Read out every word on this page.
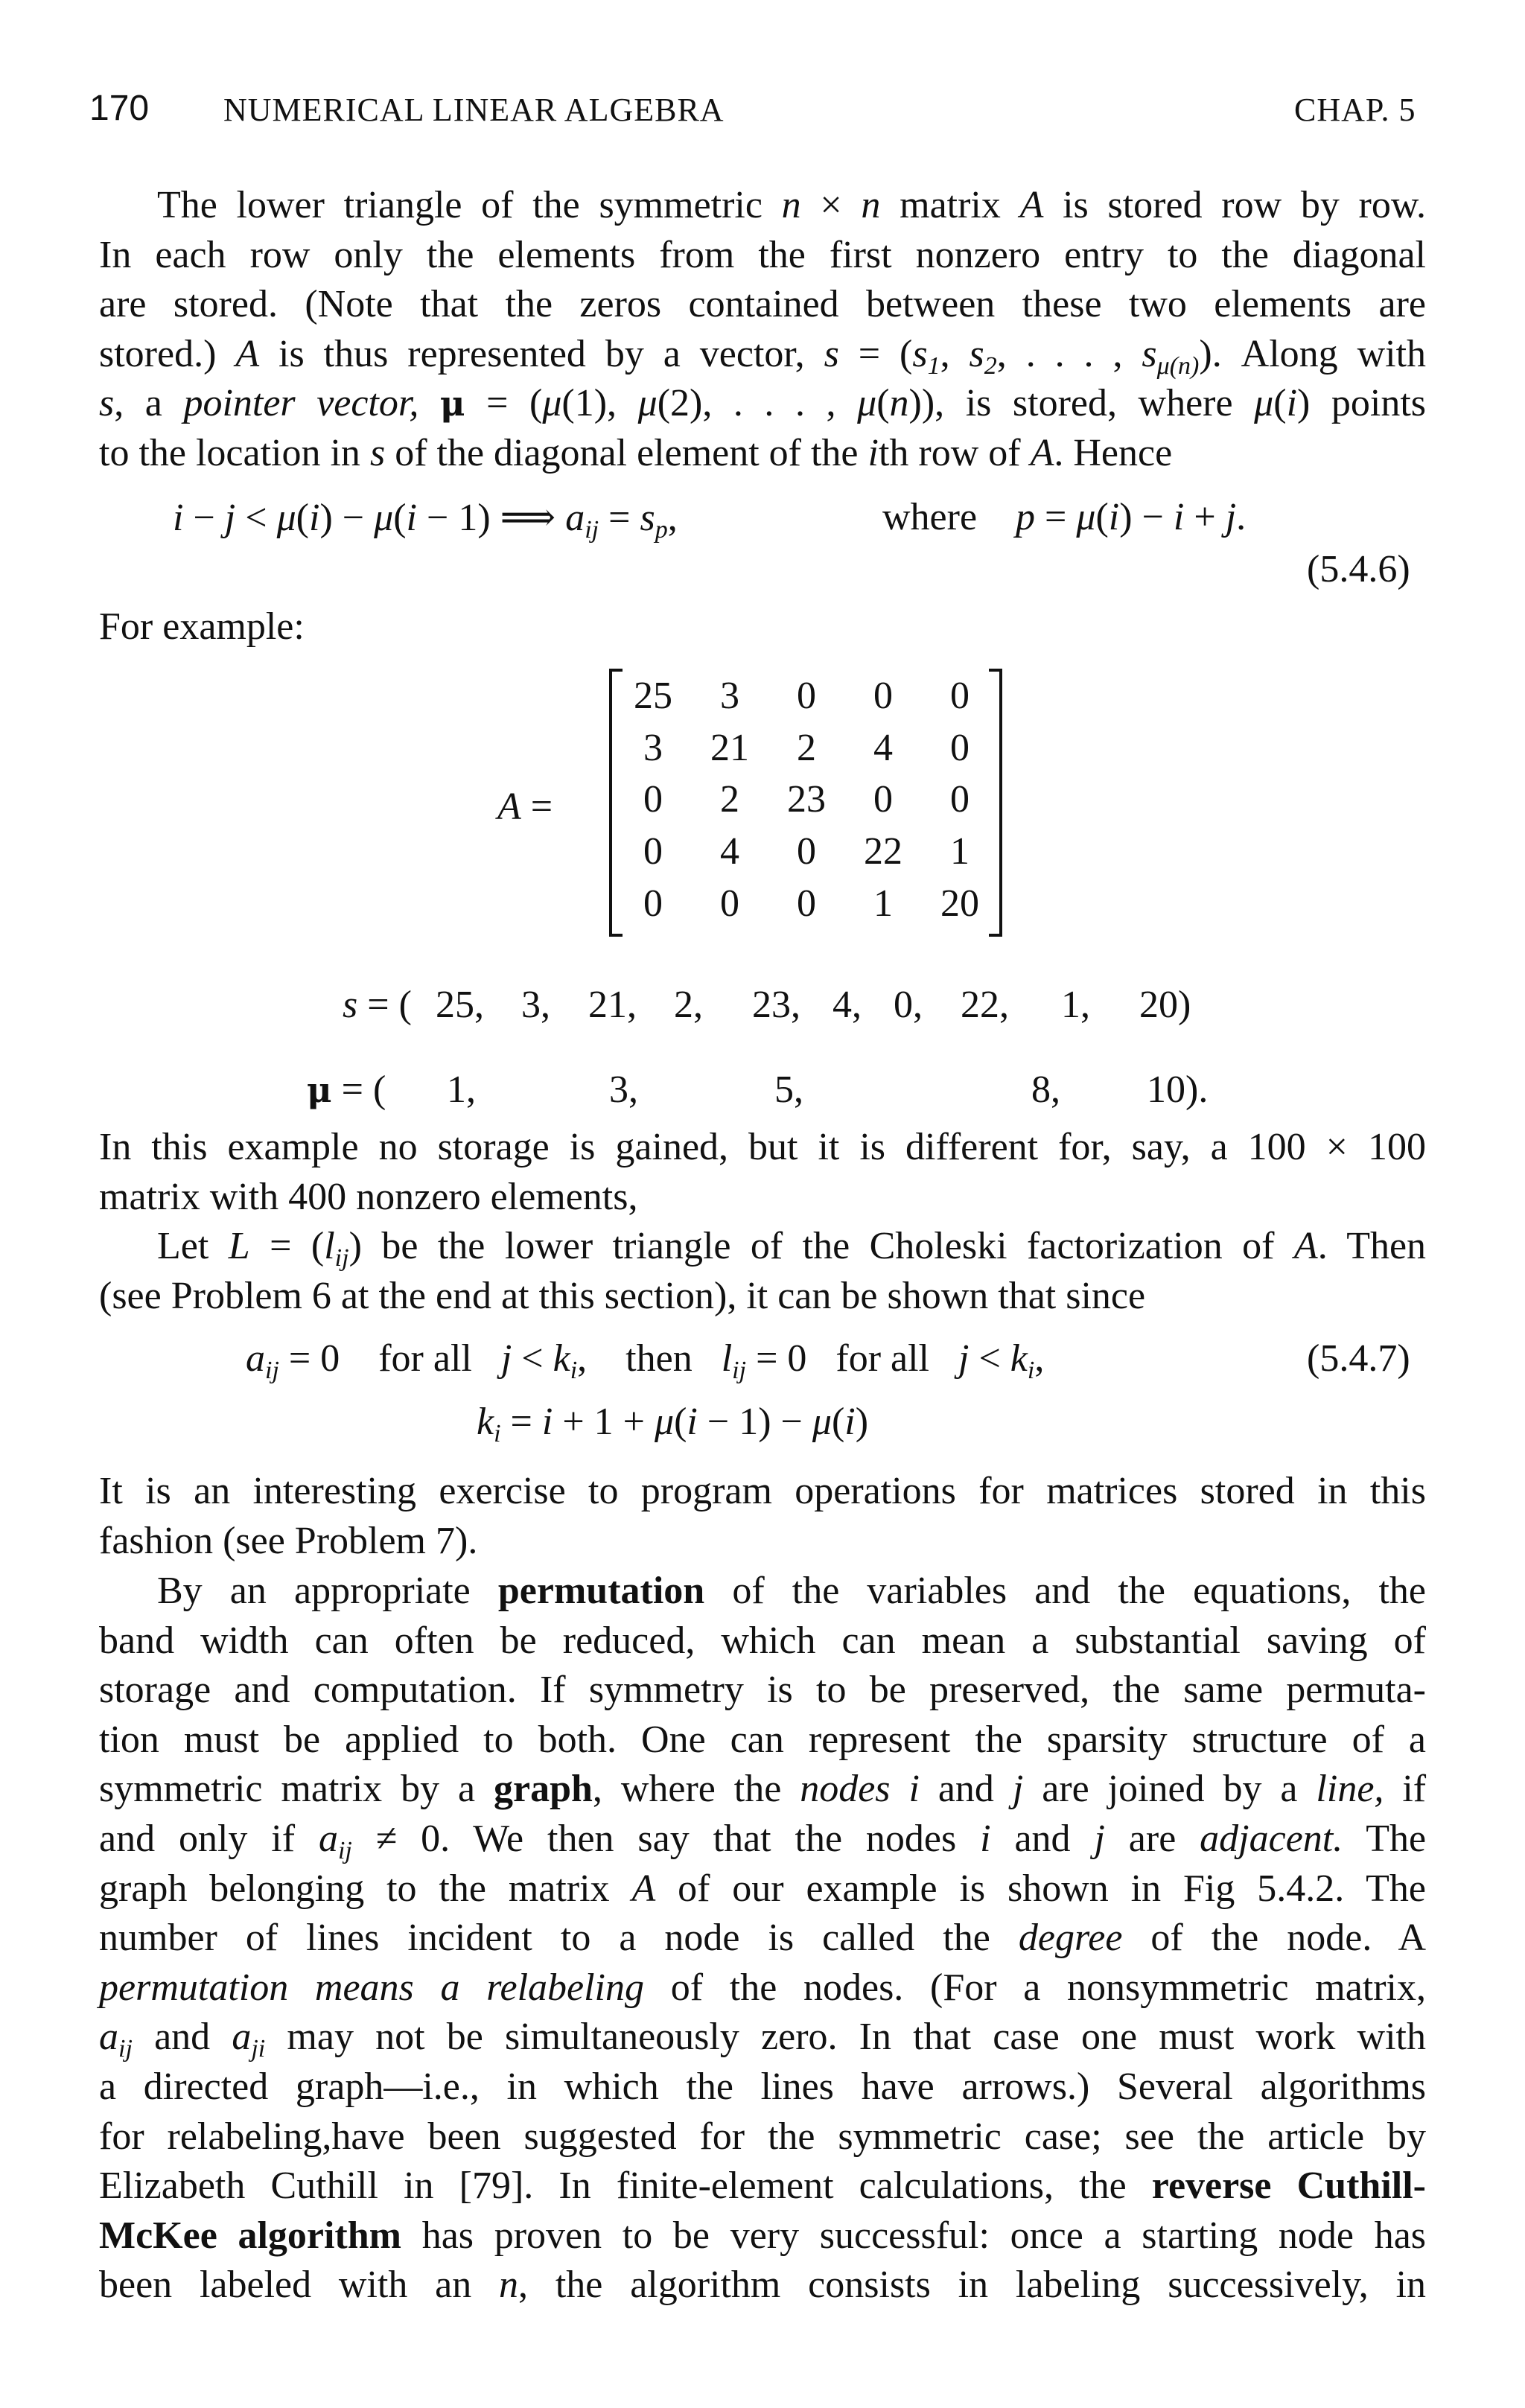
170 NUMERICAL LINEAR ALGEBRA	CHAP. 5
The lower triangle of the symmetric n × n matrix A is stored row by row.
In each row only the elements from the first nonzero entry to the diagonal
are stored. (Note that the zeros contained between these two elements are
stored.) A is thus represented by a vector, $s = (s_1$, $s_2$, . . . , $s_{\mu(n)}$). Along with
s, a pointer vector, μ = (μ(1), μ(2), . . . , μ(n)), is stored, where μ(i) points
to the location in s of the diagonal element of the ith row of A. Hence
i − j < μ(i) − μ(i − 1) ⟹ $a_{ij} = s_p$,	where p = μ(i) − i + j.
(5.4.6)
For example:
A =
25	3	0	0	0
3	21	2	4	0
0	2	23	0	0
0	4	0	22	1
0	0	0	1	20
s = ( 25, 3, 21, 2, 23, 4, 0, 22, 1, 20)
μ = ( 1,	3,	5,	8, 10).
In this example no storage is gained, but it is different for, say, a 100 × 100
matrix with 400 nonzero elements,
Let $L = (l_{ij})$ be the lower triangle of the Choleski factorization of A. Then
(see Problem 6 at the end at this section), it can be shown that since
$a_{ij} = 0$    for all $j < k_i$,    then $l_{ij} = 0$   for all $j < k_i$,	(5.4.7)
$k_i = i + 1 + \mu(i - 1) - \mu(i)$
It is an interesting exercise to program operations for matrices stored in this
fashion (see Problem 7).
By an appropriate permutation of the variables and the equations, the
band width can often be reduced, which can mean a substantial saving of
storage and computation. If symmetry is to be preserved, the same permuta-
tion must be applied to both. One can represent the sparsity structure of a
symmetric matrix by a graph, where the nodes i and j are joined by a line, if
and only if $a_{ij} \ne 0$. We then say that the nodes i and j are adjacent. The
graph belonging to the matrix A of our example is shown in Fig 5.4.2. The
number of lines incident to a node is called the degree of the node. A
permutation means a relabeling of the nodes. (For a nonsymmetric matrix,
$a_{ij}$ and $a_{ji}$ may not be simultaneously zero. In that case one must work with
a directed graph—i.e., in which the lines have arrows.) Several algorithms
for relabeling,have been suggested for the symmetric case; see the article by
Elizabeth Cuthill in [79]. In finite-element calculations, the reverse Cuthill-
McKee algorithm has proven to be very successful: once a starting node has
been labeled with an n, the algorithm consists in labeling successively, in
